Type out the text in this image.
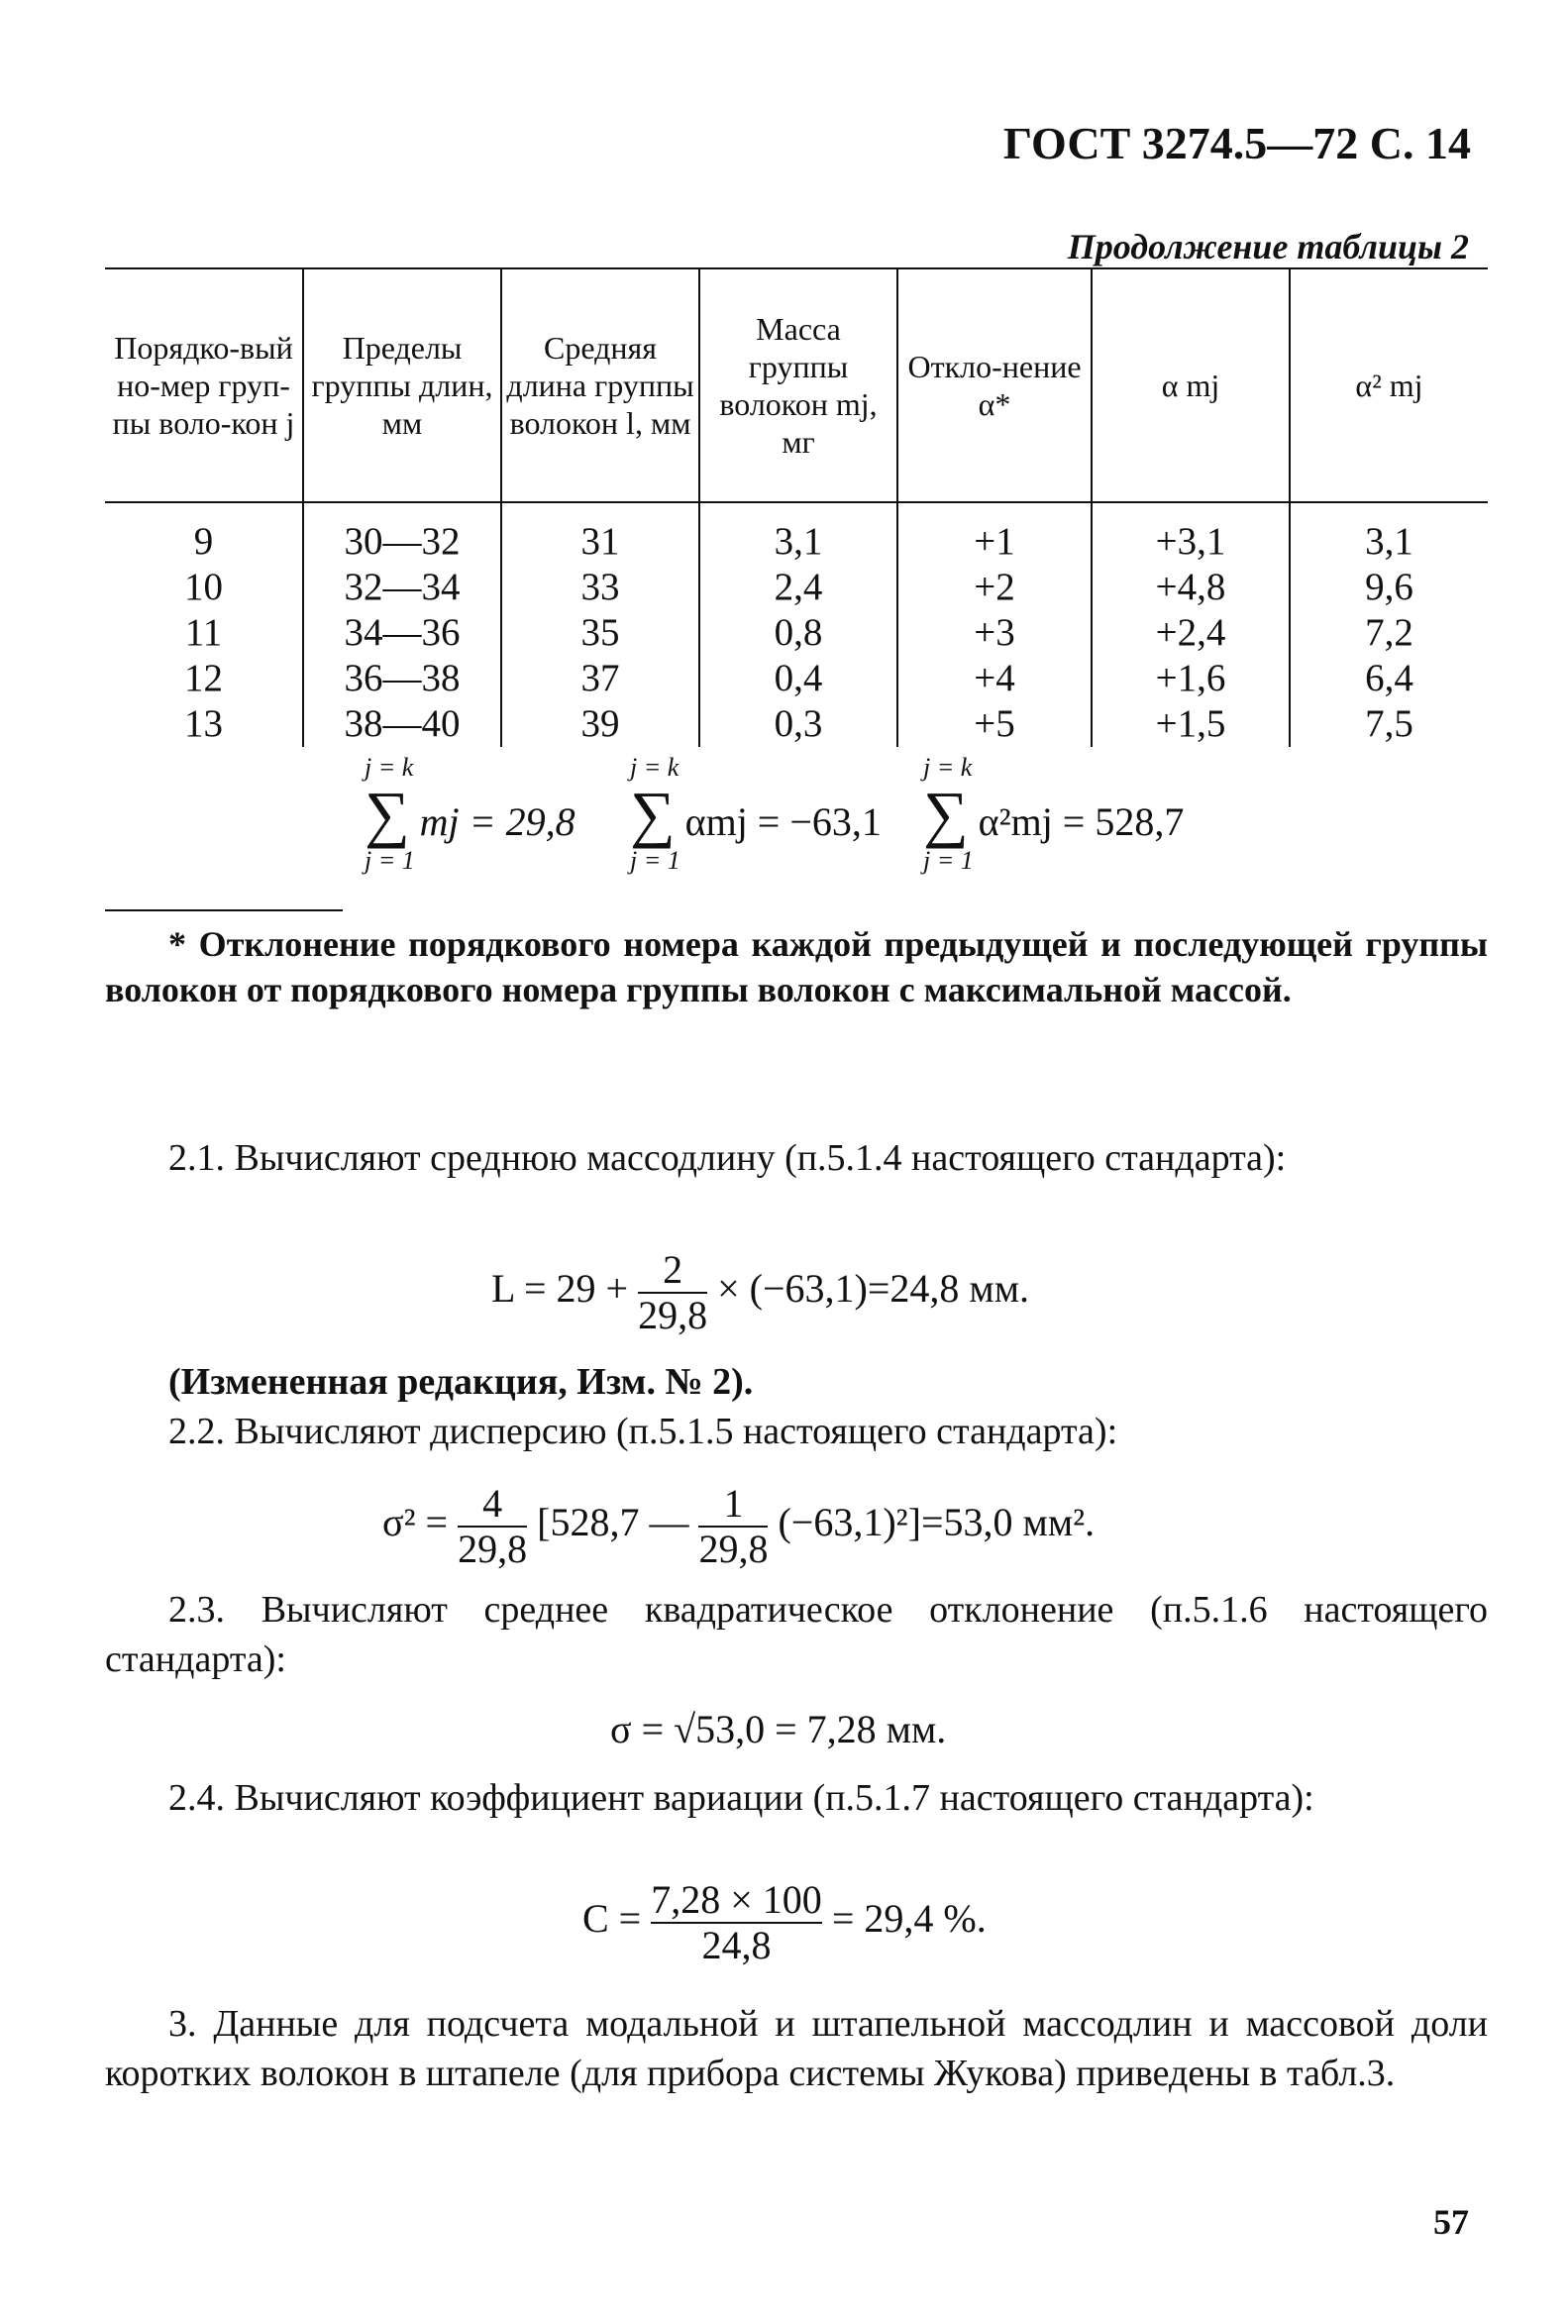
ГОСТ 3274.5—72 С. 14
Продолжение таблицы 2
Порядко-вый но-мер груп-пы воло-кон j	Пределы группы длин, мм	Средняя длина группы волокон l, мм	Масса группы волокон mj, мг	Откло-нение α*	α mj	α² mj
9	30—32	31	3,1	+1	+3,1	3,1
10	32—34	33	2,4	+2	+4,8	9,6
11	34—36	35	0,8	+3	+2,4	7,2
12	36—38	37	0,4	+4	+1,6	6,4
13	38—40	39	0,3	+5	+1,5	7,5
j = k
∑ mj = 29,8
j = 1
j = k
∑ αmj = −63,1
j = 1
j = k
∑ α²mj = 528,7
j = 1
* Отклонение порядкового номера каждой предыдущей и последующей группы волокон от порядкового номера группы волокон с максимальной массой.
2.1. Вычисляют среднюю массодлину (п.5.1.4 настоящего стандарта):
$L = 29 + \frac{2}{29,8} \times (-63,1)=24,8$ мм.
(Измененная редакция, Изм. № 2).
2.2. Вычисляют дисперсию (п.5.1.5 настоящего стандарта):
$\sigma^2 = \frac{4}{29,8} [528,7$ — $\frac{1}{29,8} (-63,1)^2]=53,0$ мм².
2.3. Вычисляют среднее квадратическое отклонение (п.5.1.6 настоящего стандарта):
σ = √53,0 = 7,28 мм.
2.4. Вычисляют коэффициент вариации (п.5.1.7 настоящего стандарта):
$C = \frac{7,28 \times 100}{24,8} = 29,4$ %.
3. Данные для подсчета модальной и штапельной массодлин и массовой доли коротких волокон в штапеле (для прибора системы Жукова) приведены в табл.3.
57
